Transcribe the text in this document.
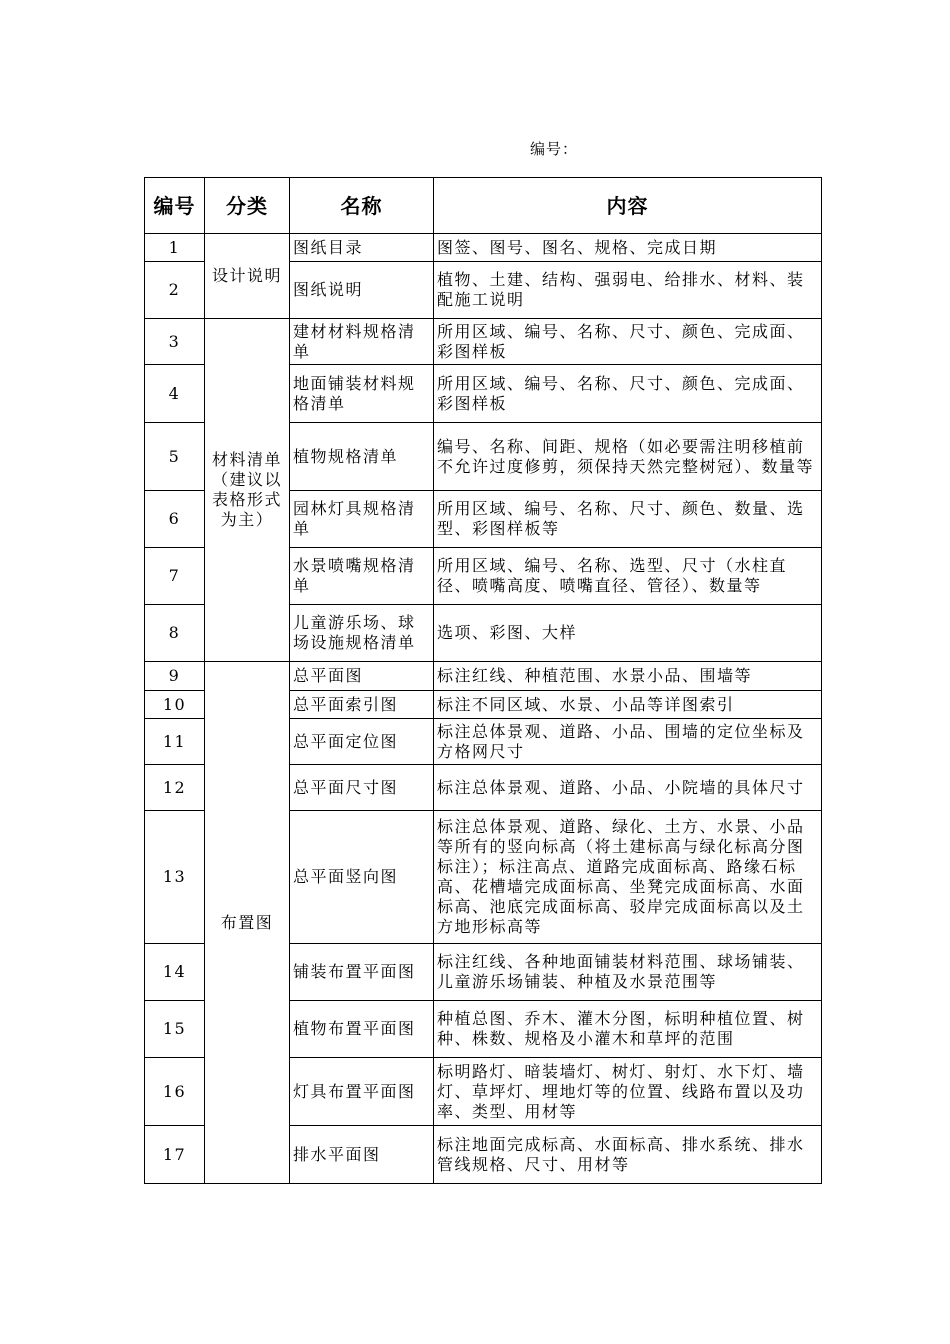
编号：
编号	分类	名称	内容
1	设计说明	图纸目录	图签、图号、图名、规格、完成日期
2		图纸说明	植物、土建、结构、强弱电、给排水、材料、装配施工说明
3	材料清单（建议以表格形式为主）	建材材料规格清单	所用区域、编号、名称、尺寸、颜色、完成面、彩图样板
4		地面铺装材料规格清单	所用区域、编号、名称、尺寸、颜色、完成面、彩图样板
5		植物规格清单	编号、名称、间距、规格（如必要需注明移植前不允许过度修剪，须保持天然完整树冠）、数量等
6		园林灯具规格清单	所用区域、编号、名称、尺寸、颜色、数量、选型、彩图样板等
7		水景喷嘴规格清单	所用区域、编号、名称、选型、尺寸（水柱直径、喷嘴高度、喷嘴直径、管径）、数量等
8		儿童游乐场、球场设施规格清单	选项、彩图、大样
9	布置图	总平面图	标注红线、种植范围、水景小品、围墙等
10		总平面索引图	标注不同区域、水景、小品等详图索引
11		总平面定位图	标注总体景观、道路、小品、围墙的定位坐标及方格网尺寸
12		总平面尺寸图	标注总体景观、道路、小品、小院墙的具体尺寸
13		总平面竖向图	标注总体景观、道路、绿化、土方、水景、小品等所有的竖向标高（将土建标高与绿化标高分图标注）；标注高点、道路完成面标高、路缘石标高、花槽墙完成面标高、坐凳完成面标高、水面标高、池底完成面标高、驳岸完成面标高以及土方地形标高等
14		铺装布置平面图	标注红线、各种地面铺装材料范围、球场铺装、儿童游乐场铺装、种植及水景范围等
15		植物布置平面图	种植总图、乔木、灌木分图，标明种植位置、树种、株数、规格及小灌木和草坪的范围
16		灯具布置平面图	标明路灯、暗装墙灯、树灯、射灯、水下灯、墙灯、草坪灯、埋地灯等的位置、线路布置以及功率、类型、用材等
17		排水平面图	标注地面完成标高、水面标高、排水系统、排水管线规格、尺寸、用材等
